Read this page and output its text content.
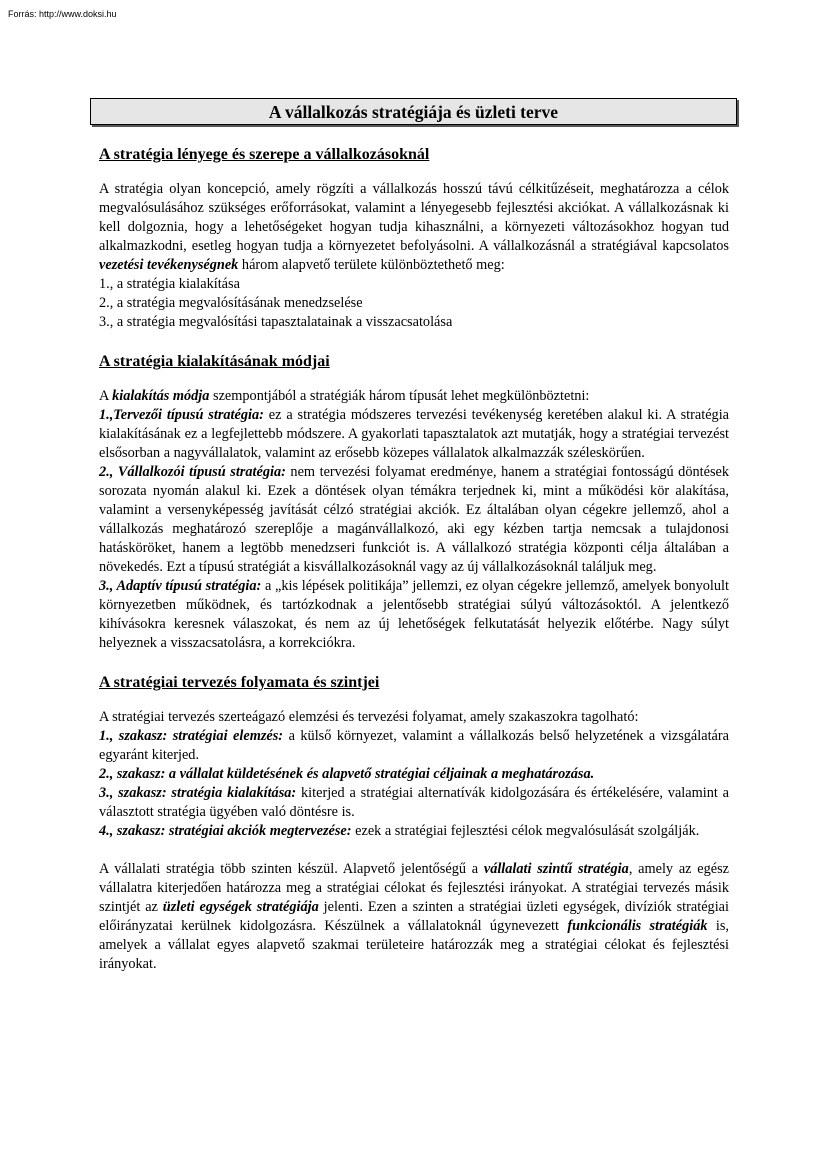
Forrás: http://www.doksi.hu
A vállalkozás stratégiája és üzleti terve
A stratégia lényege és szerepe a vállalkozásoknál

A stratégia olyan koncepció, amely rögzíti a vállalkozás hosszú távú célkitűzéseit, meghatározza a célok megvalósulásához szükséges erőforrásokat, valamint a lényegesebb fejlesztési akciókat. A vállalkozásnak ki kell dolgoznia, hogy a lehetőségeket hogyan tudja kihasználni, a környezeti változásokhoz hogyan tud alkalmazkodni, esetleg hogyan tudja a környezetet befolyásolni. A vállalkozásnál a stratégiával kapcsolatos vezetési tevékenységnek három alapvető területe különböztethető meg:

1., a stratégia kialakítása
2., a stratégia megvalósításának menedzselése
3., a stratégia megvalósítási tapasztalatainak a visszacsatolása
A stratégia kialakításának módjai

A kialakítás módja szempontjából a stratégiák három típusát lehet megkülönböztetni:

1.,Tervezői típusú stratégia: ez a stratégia módszeres tervezési tevékenység keretében alakul ki. A stratégia kialakításának ez a legfejlettebb módszere. A gyakorlati tapasztalatok azt mutatják, hogy a stratégiai tervezést elsősorban a nagyvállalatok, valamint az erősebb közepes vállalatok alkalmazzák széleskörűen.

2., Vállalkozói típusú stratégia: nem tervezési folyamat eredménye, hanem a stratégiai fontosságú döntések sorozata nyomán alakul ki. Ezek a döntések olyan témákra terjednek ki, mint a működési kör alakítása, valamint a versenyképesség javítását célzó stratégiai akciók. Ez általában olyan cégekre jellemző, ahol a vállalkozás meghatározó szereplője a magánvállalkozó, aki egy kézben tartja nemcsak a tulajdonosi hatásköröket, hanem a legtöbb menedzseri funkciót is. A vállalkozó stratégia központi célja általában a növekedés. Ezt a típusú stratégiát a kisvállalkozásoknál vagy az új vállalkozásoknál találjuk meg.

3., Adaptív típusú stratégia: a „kis lépések politikája” jellemzi, ez olyan cégekre jellemző, amelyek bonyolult környezetben működnek, és tartózkodnak a jelentősebb stratégiai súlyú változásoktól. A jelentkező kihívásokra keresnek válaszokat, és nem az új lehetőségek felkutatását helyezik előtérbe. Nagy súlyt helyeznek a visszacsatolásra, a korrekciókra.

A stratégiai tervezés folyamata és szintjei

A stratégiai tervezés szerteágazó elemzési és tervezési folyamat, amely szakaszokra tagolható:

1., szakasz: stratégiai elemzés: a külső környezet, valamint a vállalkozás belső helyzetének a vizsgálatára egyaránt kiterjed.

2., szakasz: a vállalat küldetésének és alapvető stratégiai céljainak a meghatározása.

3., szakasz: stratégia kialakítása: kiterjed a stratégiai alternatívák kidolgozására és értékelésére, valamint a választott stratégia ügyében való döntésre is.

4., szakasz: stratégiai akciók megtervezése: ezek a stratégiai fejlesztési célok megvalósulását szolgálják.

A vállalati stratégia több szinten készül. Alapvető jelentőségű a vállalati szintű stratégia, amely az egész vállalatra kiterjedően határozza meg a stratégiai célokat és fejlesztési irányokat. A stratégiai tervezés másik szintjét az üzleti egységek stratégiája jelenti. Ezen a szinten a stratégiai üzleti egységek, divíziók stratégiai előirányzatai kerülnek kidolgozásra. Készülnek a vállalatoknál úgynevezett funkcionális stratégiák is, amelyek a vállalat egyes alapvető szakmai területeire határozzák meg a stratégiai célokat és fejlesztési irányokat.
